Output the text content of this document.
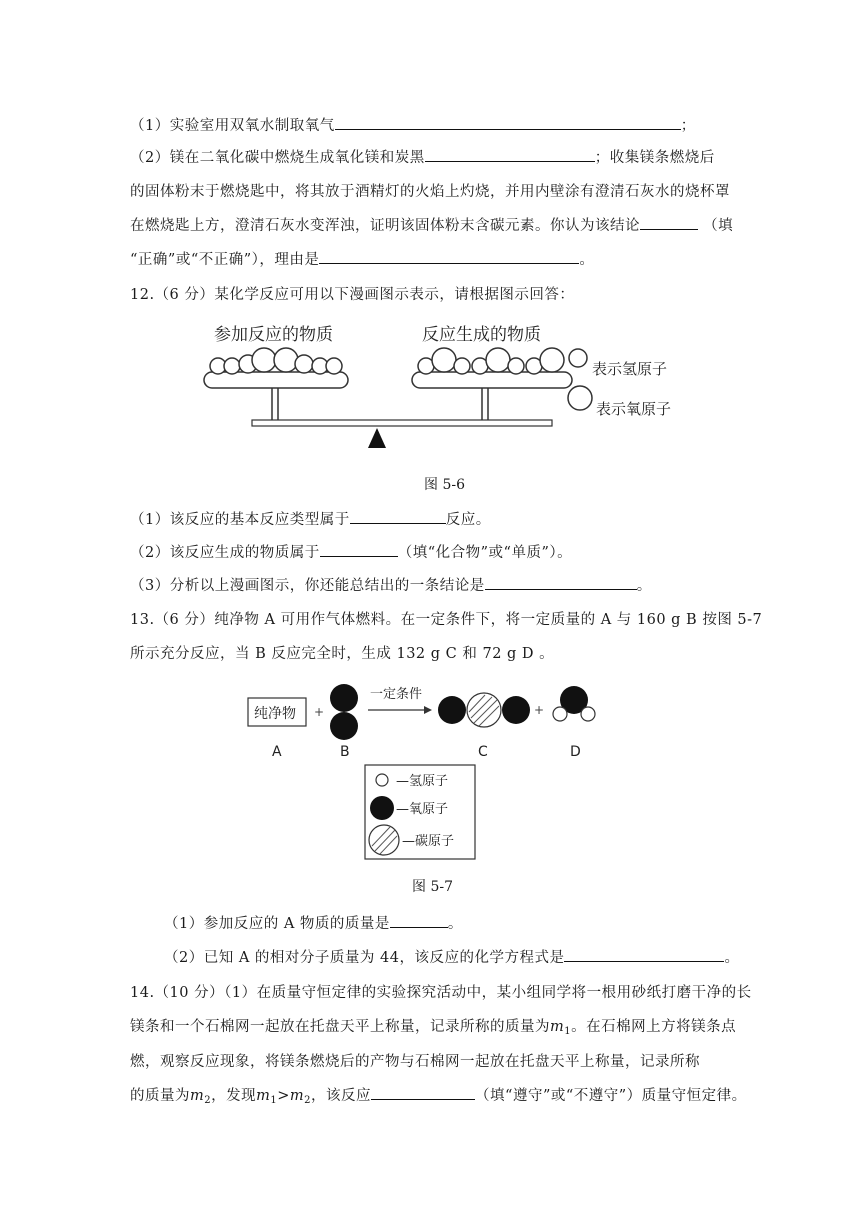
（1）实验室用双氧水制取氧气	；
（2）镁在二氧化碳中燃烧生成氧化镁和炭黑	；收集镁条燃烧后
的固体粉末于燃烧匙中，将其放于酒精灯的火焰上灼烧，并用内壁涂有澄清石灰水的烧杯罩
在燃烧匙上方，澄清石灰水变浑浊，证明该固体粉末含碳元素。你认为该结论	（填
“正确”或“不正确”），理由是	。
12.（6 分）某化学反应可用以下漫画图示表示，请根据图示回答：
参加反应的物质	反应生成的物质
表示氢原子
表示氧原子
图 5-6
（1）该反应的基本反应类型属于	反应。
（2）该反应生成的物质属于	（填“化合物”或“单质”）。
（3）分析以上漫画图示，你还能总结出的一条结论是	。
13.（6 分）纯净物 A 可用作气体燃料。在一定条件下，将一定质量的 A 与 160 g B 按图 5-7
所示充分反应，当 B 反应完全时，生成 132 g C 和 72 g D 。
纯净物 +
一定条件
+
A	B	C	D
—氢原子
—氧原子
—碳原子
图 5-7
（1）参加反应的 A 物质的质量是	。
（2）已知 A 的相对分子质量为 44，该反应的化学方程式是	。
14.（10 分）（1）在质量守恒定律的实验探究活动中，某小组同学将一根用砂纸打磨干净的长
镁条和一个石棉网一起放在托盘天平上称量，记录所称的质量为$m_1$。在石棉网上方将镁条点
燃，观察反应现象，将镁条燃烧后的产物与石棉网一起放在托盘天平上称量，记录所称
的质量为$m_2$，发现$m_1>m_2$，该反应	（填“遵守”或“不遵守”）质量守恒定律。
